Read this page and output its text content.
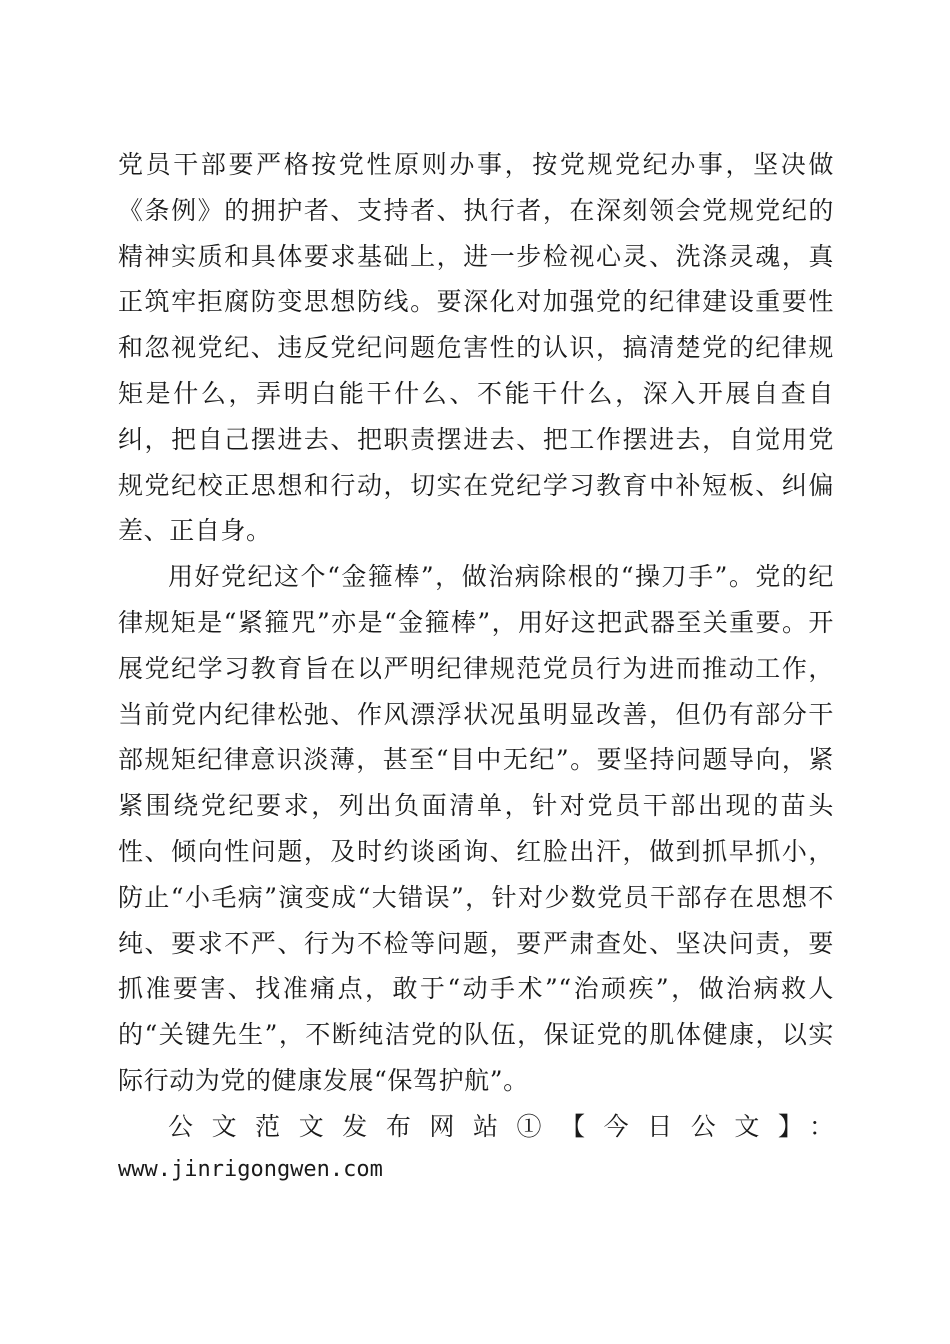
党员干部要严格按党性原则办事，按党规党纪办事，坚决做《条例》的拥护者、支持者、执行者，在深刻领会党规党纪的精神实质和具体要求基础上，进一步检视心灵、洗涤灵魂，真正筑牢拒腐防变思想防线。要深化对加强党的纪律建设重要性和忽视党纪、违反党纪问题危害性的认识，搞清楚党的纪律规矩是什么，弄明白能干什么、不能干什么，深入开展自查自纠，把自己摆进去、把职责摆进去、把工作摆进去，自觉用党规党纪校正思想和行动，切实在党纪学习教育中补短板、纠偏差、正自身。

用好党纪这个“金箍棒”，做治病除根的“操刀手”。党的纪律规矩是“紧箍咒”亦是“金箍棒”，用好这把武器至关重要。开展党纪学习教育旨在以严明纪律规范党员行为进而推动工作，当前党内纪律松弛、作风漂浮状况虽明显改善，但仍有部分干部规矩纪律意识淡薄，甚至“目中无纪”。要坚持问题导向，紧紧围绕党纪要求，列出负面清单，针对党员干部出现的苗头性、倾向性问题，及时约谈函询、红脸出汗，做到抓早抓小，防止“小毛病”演变成“大错误”，针对少数党员干部存在思想不纯、要求不严、行为不检等问题，要严肃查处、坚决问责，要抓准要害、找准痛点，敢于“动手术”“治顽疾”，做治病救人的“关键先生”，不断纯洁党的队伍，保证党的肌体健康，以实际行动为党的健康发展“保驾护航”。

公文范文发布网站①【今日公文】：

www.jinrigongwen.com
